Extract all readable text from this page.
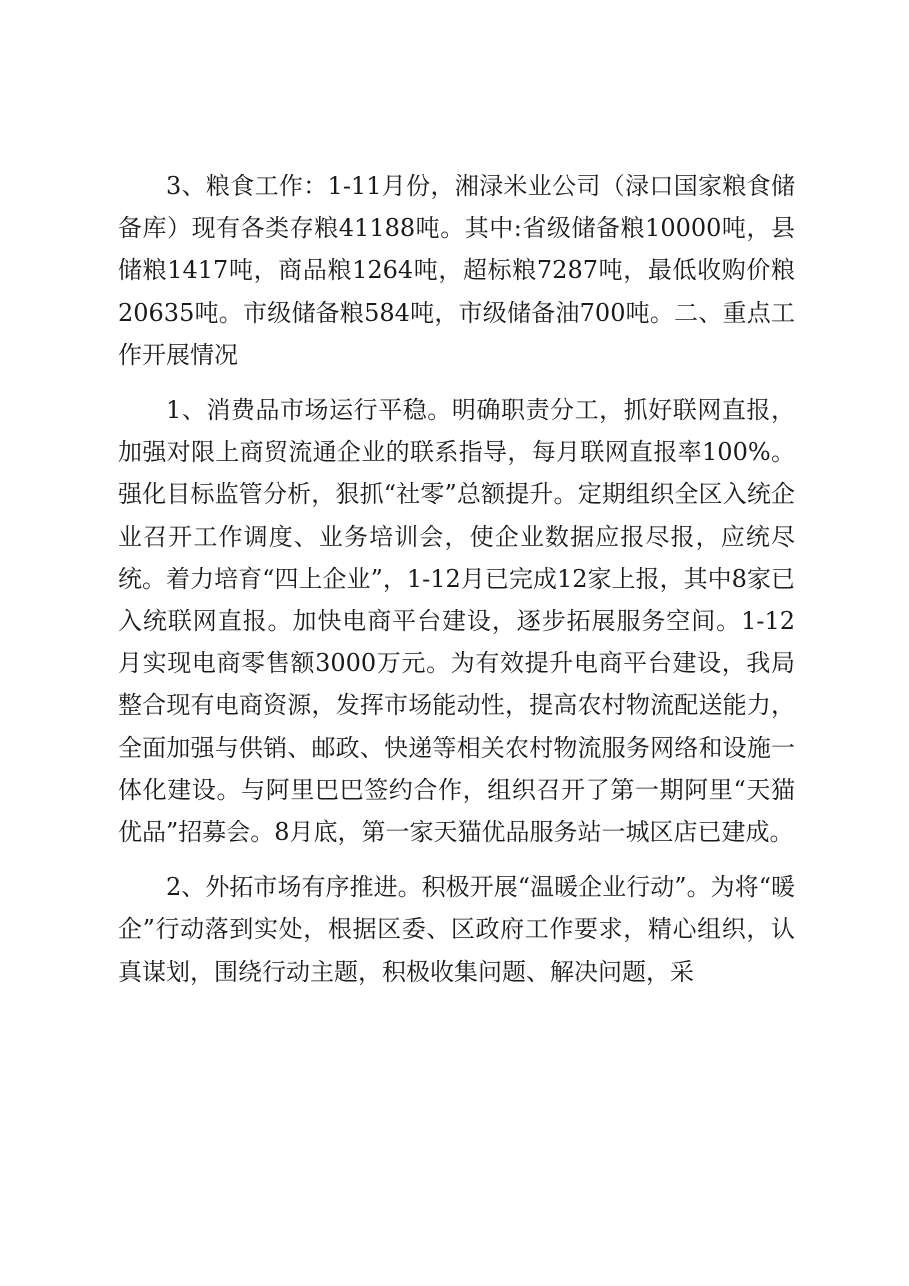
3、粮食工作：1-11月份，湘渌米业公司（渌口国家粮食储备库）现有各类存粮41188吨。其中:省级储备粮10000吨，县储粮1417吨，商品粮1264吨，超标粮7287吨，最低收购价粮20635吨。市级储备粮584吨，市级储备油700吨。二、重点工作开展情况

1、消费品市场运行平稳。明确职责分工，抓好联网直报，加强对限上商贸流通企业的联系指导，每月联网直报率100%。强化目标监管分析，狠抓“社零”总额提升。定期组织全区入统企业召开工作调度、业务培训会，使企业数据应报尽报，应统尽统。着力培育“四上企业”，1-12月已完成12家上报，其中8家已入统联网直报。加快电商平台建设，逐步拓展服务空间。1-12月实现电商零售额3000万元。为有效提升电商平台建设，我局整合现有电商资源，发挥市场能动性，提高农村物流配送能力，全面加强与供销、邮政、快递等相关农村物流服务网络和设施一体化建设。与阿里巴巴签约合作，组织召开了第一期阿里“天猫优品”招募会。8月底，第一家天猫优品服务站一城区店已建成。

2、外拓市场有序推进。积极开展“温暖企业行动”。为将“暖企”行动落到实处，根据区委、区政府工作要求，精心组织，认真谋划，围绕行动主题，积极收集问题、解决问题，采
